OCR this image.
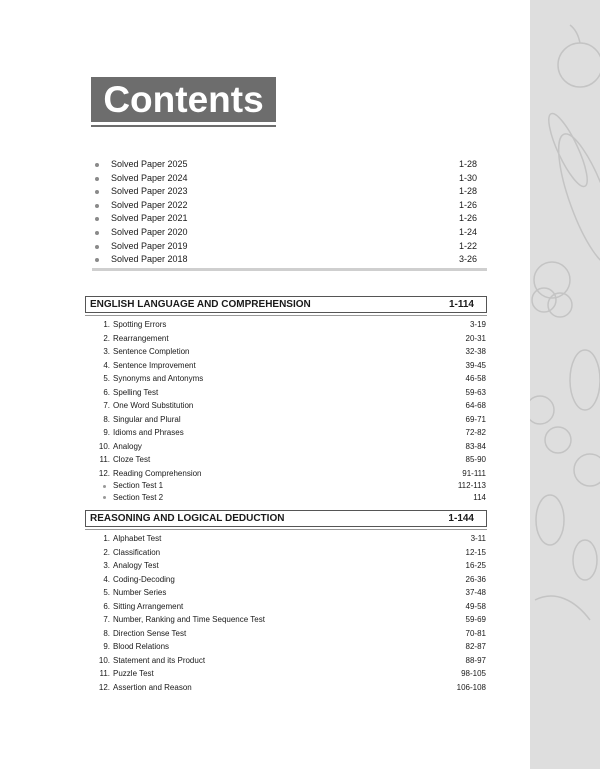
Contents
Solved Paper 2025	1-28
Solved Paper 2024	1-30
Solved Paper 2023	1-28
Solved Paper 2022	1-26
Solved Paper 2021	1-26
Solved Paper 2020	1-24
Solved Paper 2019	1-22
Solved Paper 2018	3-26
ENGLISH LANGUAGE AND COMPREHENSION	1-114
1. Spotting Errors	3-19
2. Rearrangement	20-31
3. Sentence Completion	32-38
4. Sentence Improvement	39-45
5. Synonyms and Antonyms	46-58
6. Spelling Test	59-63
7. One Word Substitution	64-68
8. Singular and Plural	69-71
9. Idioms and Phrases	72-82
10. Analogy	83-84
11. Cloze Test	85-90
12. Reading Comprehension	91-111
Section Test 1	112-113
Section Test 2	114
REASONING AND LOGICAL DEDUCTION	1-144
1. Alphabet Test	3-11
2. Classification	12-15
3. Analogy Test	16-25
4. Coding-Decoding	26-36
5. Number Series	37-48
6. Sitting Arrangement	49-58
7. Number, Ranking and Time Sequence Test	59-69
8. Direction Sense Test	70-81
9. Blood Relations	82-87
10. Statement and its Product	88-97
11. Puzzle Test	98-105
12. Assertion and Reason	106-108
